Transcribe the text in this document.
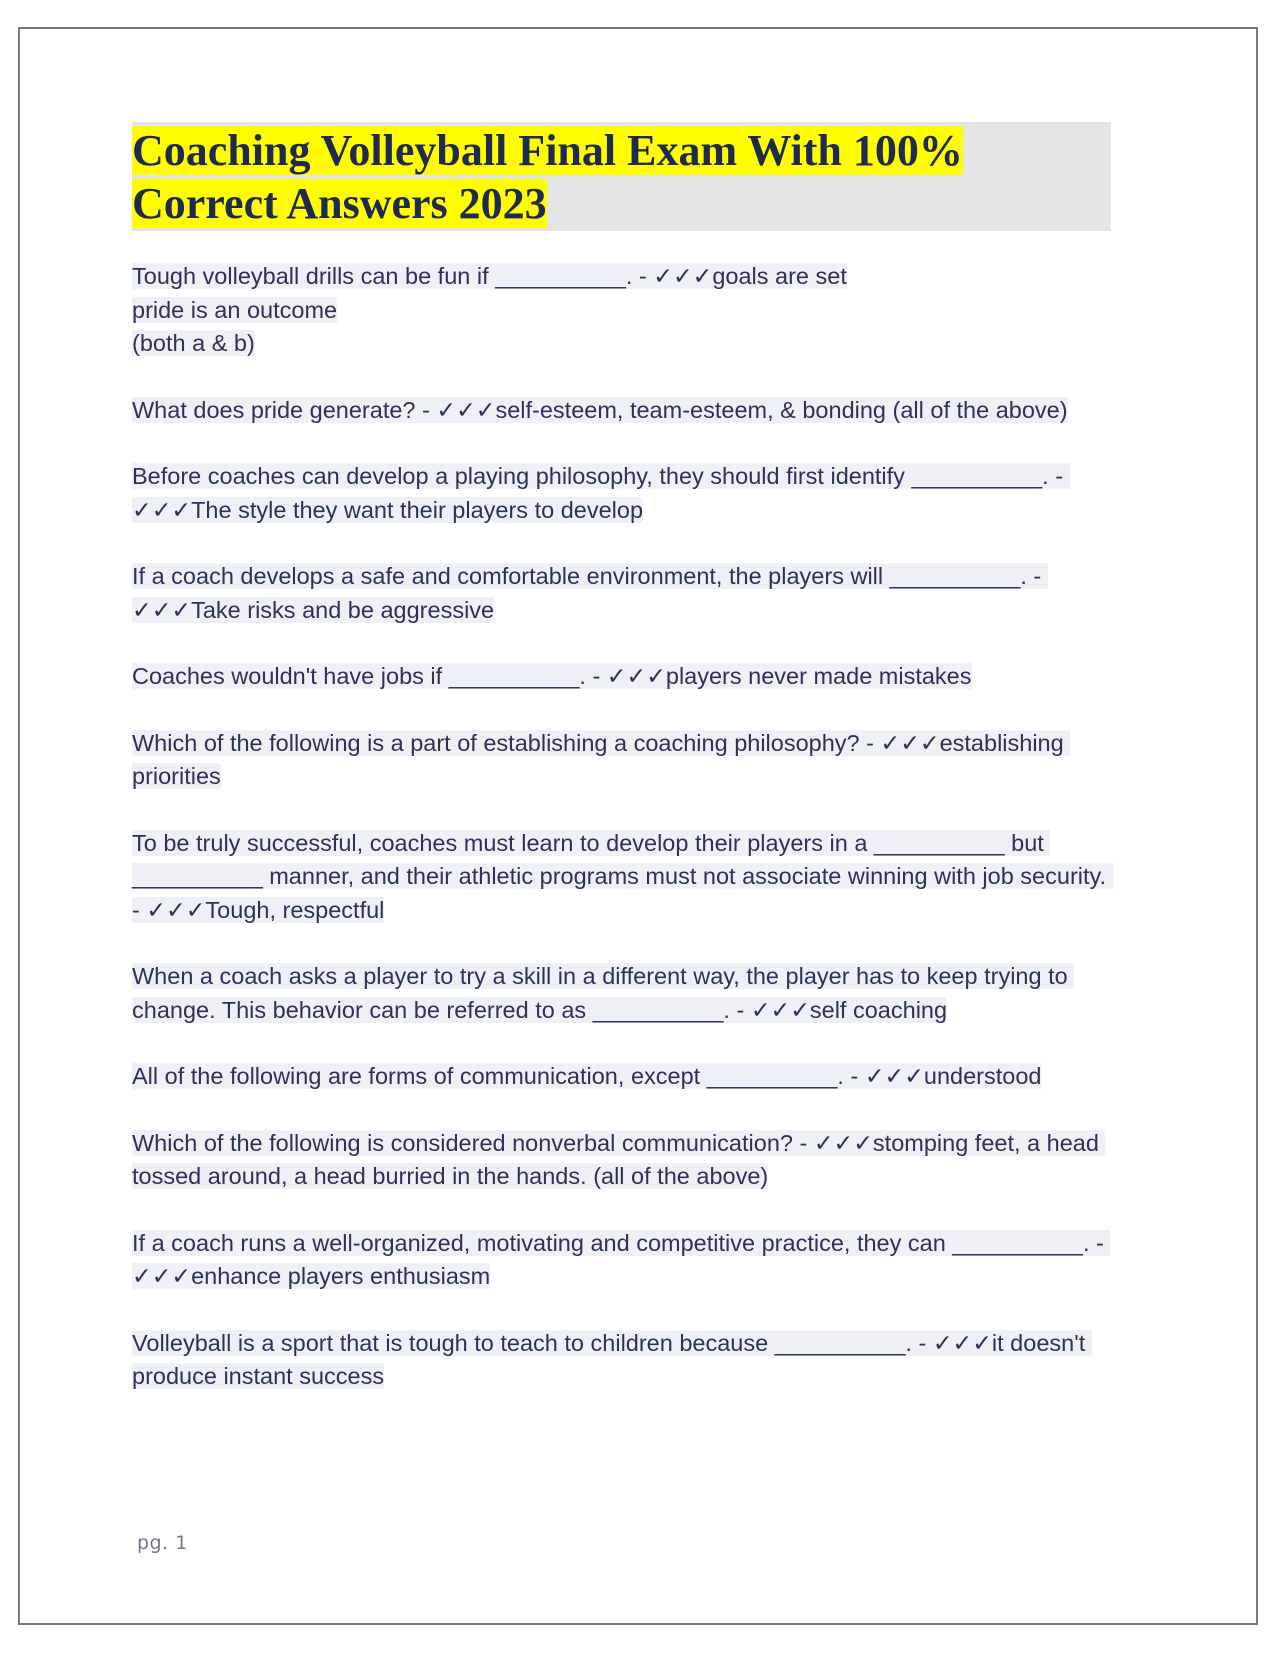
Coaching Volleyball Final Exam With 100%
Correct Answers 2023

Tough volleyball drills can be fun if __________. - ✓✓✓goals are set
pride is an outcome
(both a & b)

What does pride generate? - ✓✓✓self-esteem, team-esteem, & bonding (all of the above)

Before coaches can develop a playing philosophy, they should first identify __________. - ✓✓✓The style they want their players to develop

If a coach develops a safe and comfortable environment, the players will __________. - ✓✓✓Take risks and be aggressive

Coaches wouldn't have jobs if __________. - ✓✓✓players never made mistakes

Which of the following is a part of establishing a coaching philosophy? - ✓✓✓establishing priorities

To be truly successful, coaches must learn to develop their players in a __________ but __________ manner, and their athletic programs must not associate winning with job security. - ✓✓✓Tough, respectful

When a coach asks a player to try a skill in a different way, the player has to keep trying to change. This behavior can be referred to as __________. - ✓✓✓self coaching

All of the following are forms of communication, except __________. - ✓✓✓understood

Which of the following is considered nonverbal communication? - ✓✓✓stomping feet, a head tossed around, a head burried in the hands. (all of the above)

If a coach runs a well-organized, motivating and competitive practice, they can __________. - ✓✓✓enhance players enthusiasm

Volleyball is a sport that is tough to teach to children because __________. - ✓✓✓it doesn't produce instant success

pg. 1
